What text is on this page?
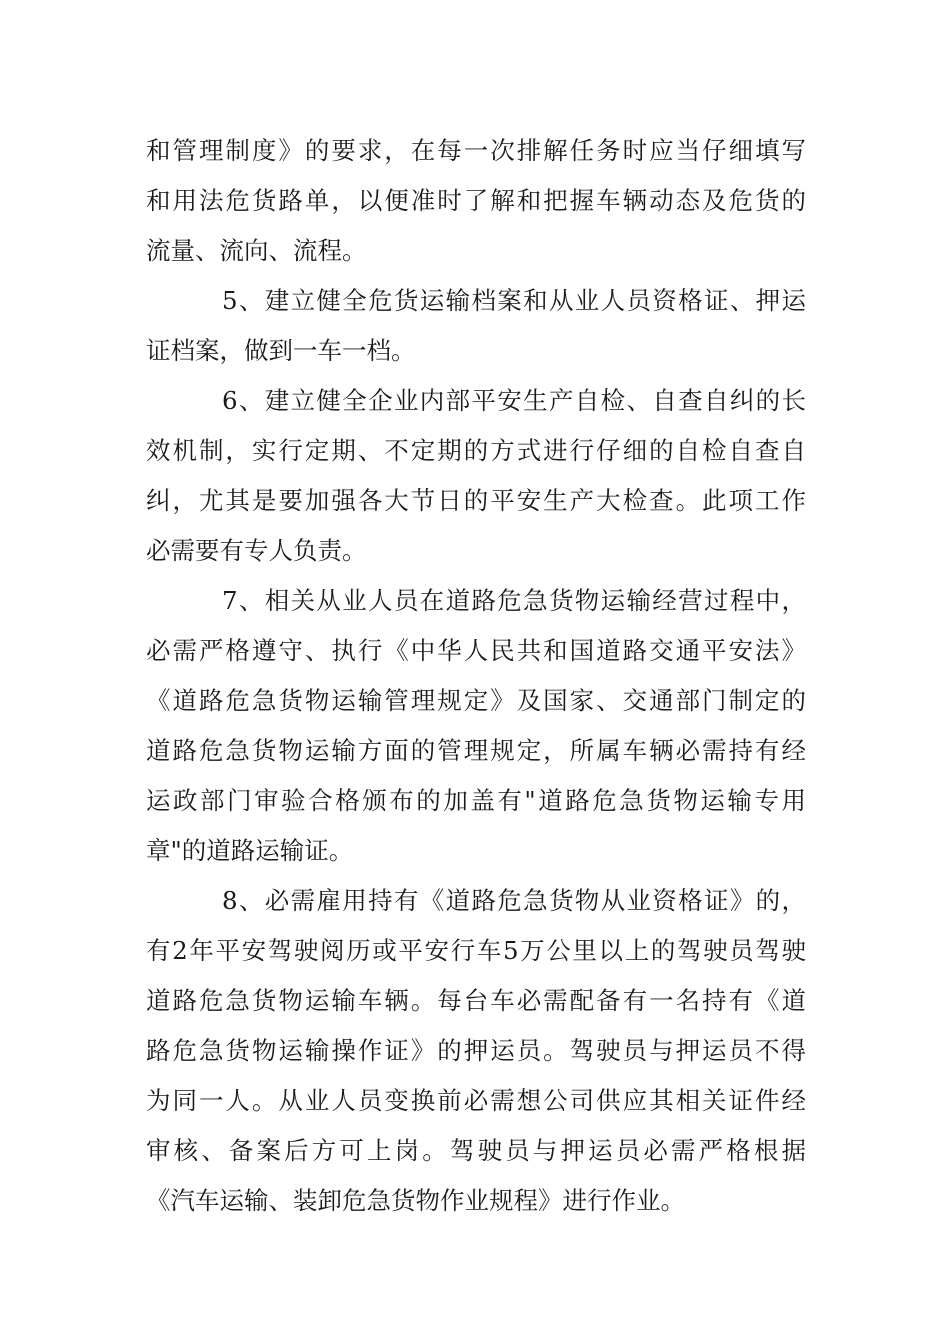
和管理制度》的要求，在每一次排解任务时应当仔细填写
和用法危货路单，以便准时了解和把握车辆动态及危货的
流量、流向、流程。
5、建立健全危货运输档案和从业人员资格证、押运
证档案，做到一车一档。
6、建立健全企业内部平安生产自检、自查自纠的长
效机制，实行定期、不定期的方式进行仔细的自检自查自
纠，尤其是要加强各大节日的平安生产大检查。此项工作
必需要有专人负责。
7、相关从业人员在道路危急货物运输经营过程中，
必需严格遵守、执行《中华人民共和国道路交通平安法》
《道路危急货物运输管理规定》及国家、交通部门制定的
道路危急货物运输方面的管理规定，所属车辆必需持有经
运政部门审验合格颁布的加盖有"道路危急货物运输专用
章"的道路运输证。
8、必需雇用持有《道路危急货物从业资格证》的，
有2年平安驾驶阅历或平安行车5万公里以上的驾驶员驾驶
道路危急货物运输车辆。每台车必需配备有一名持有《道
路危急货物运输操作证》的押运员。驾驶员与押运员不得
为同一人。从业人员变换前必需想公司供应其相关证件经
审核、备案后方可上岗。驾驶员与押运员必需严格根据
《汽车运输、装卸危急货物作业规程》进行作业。
